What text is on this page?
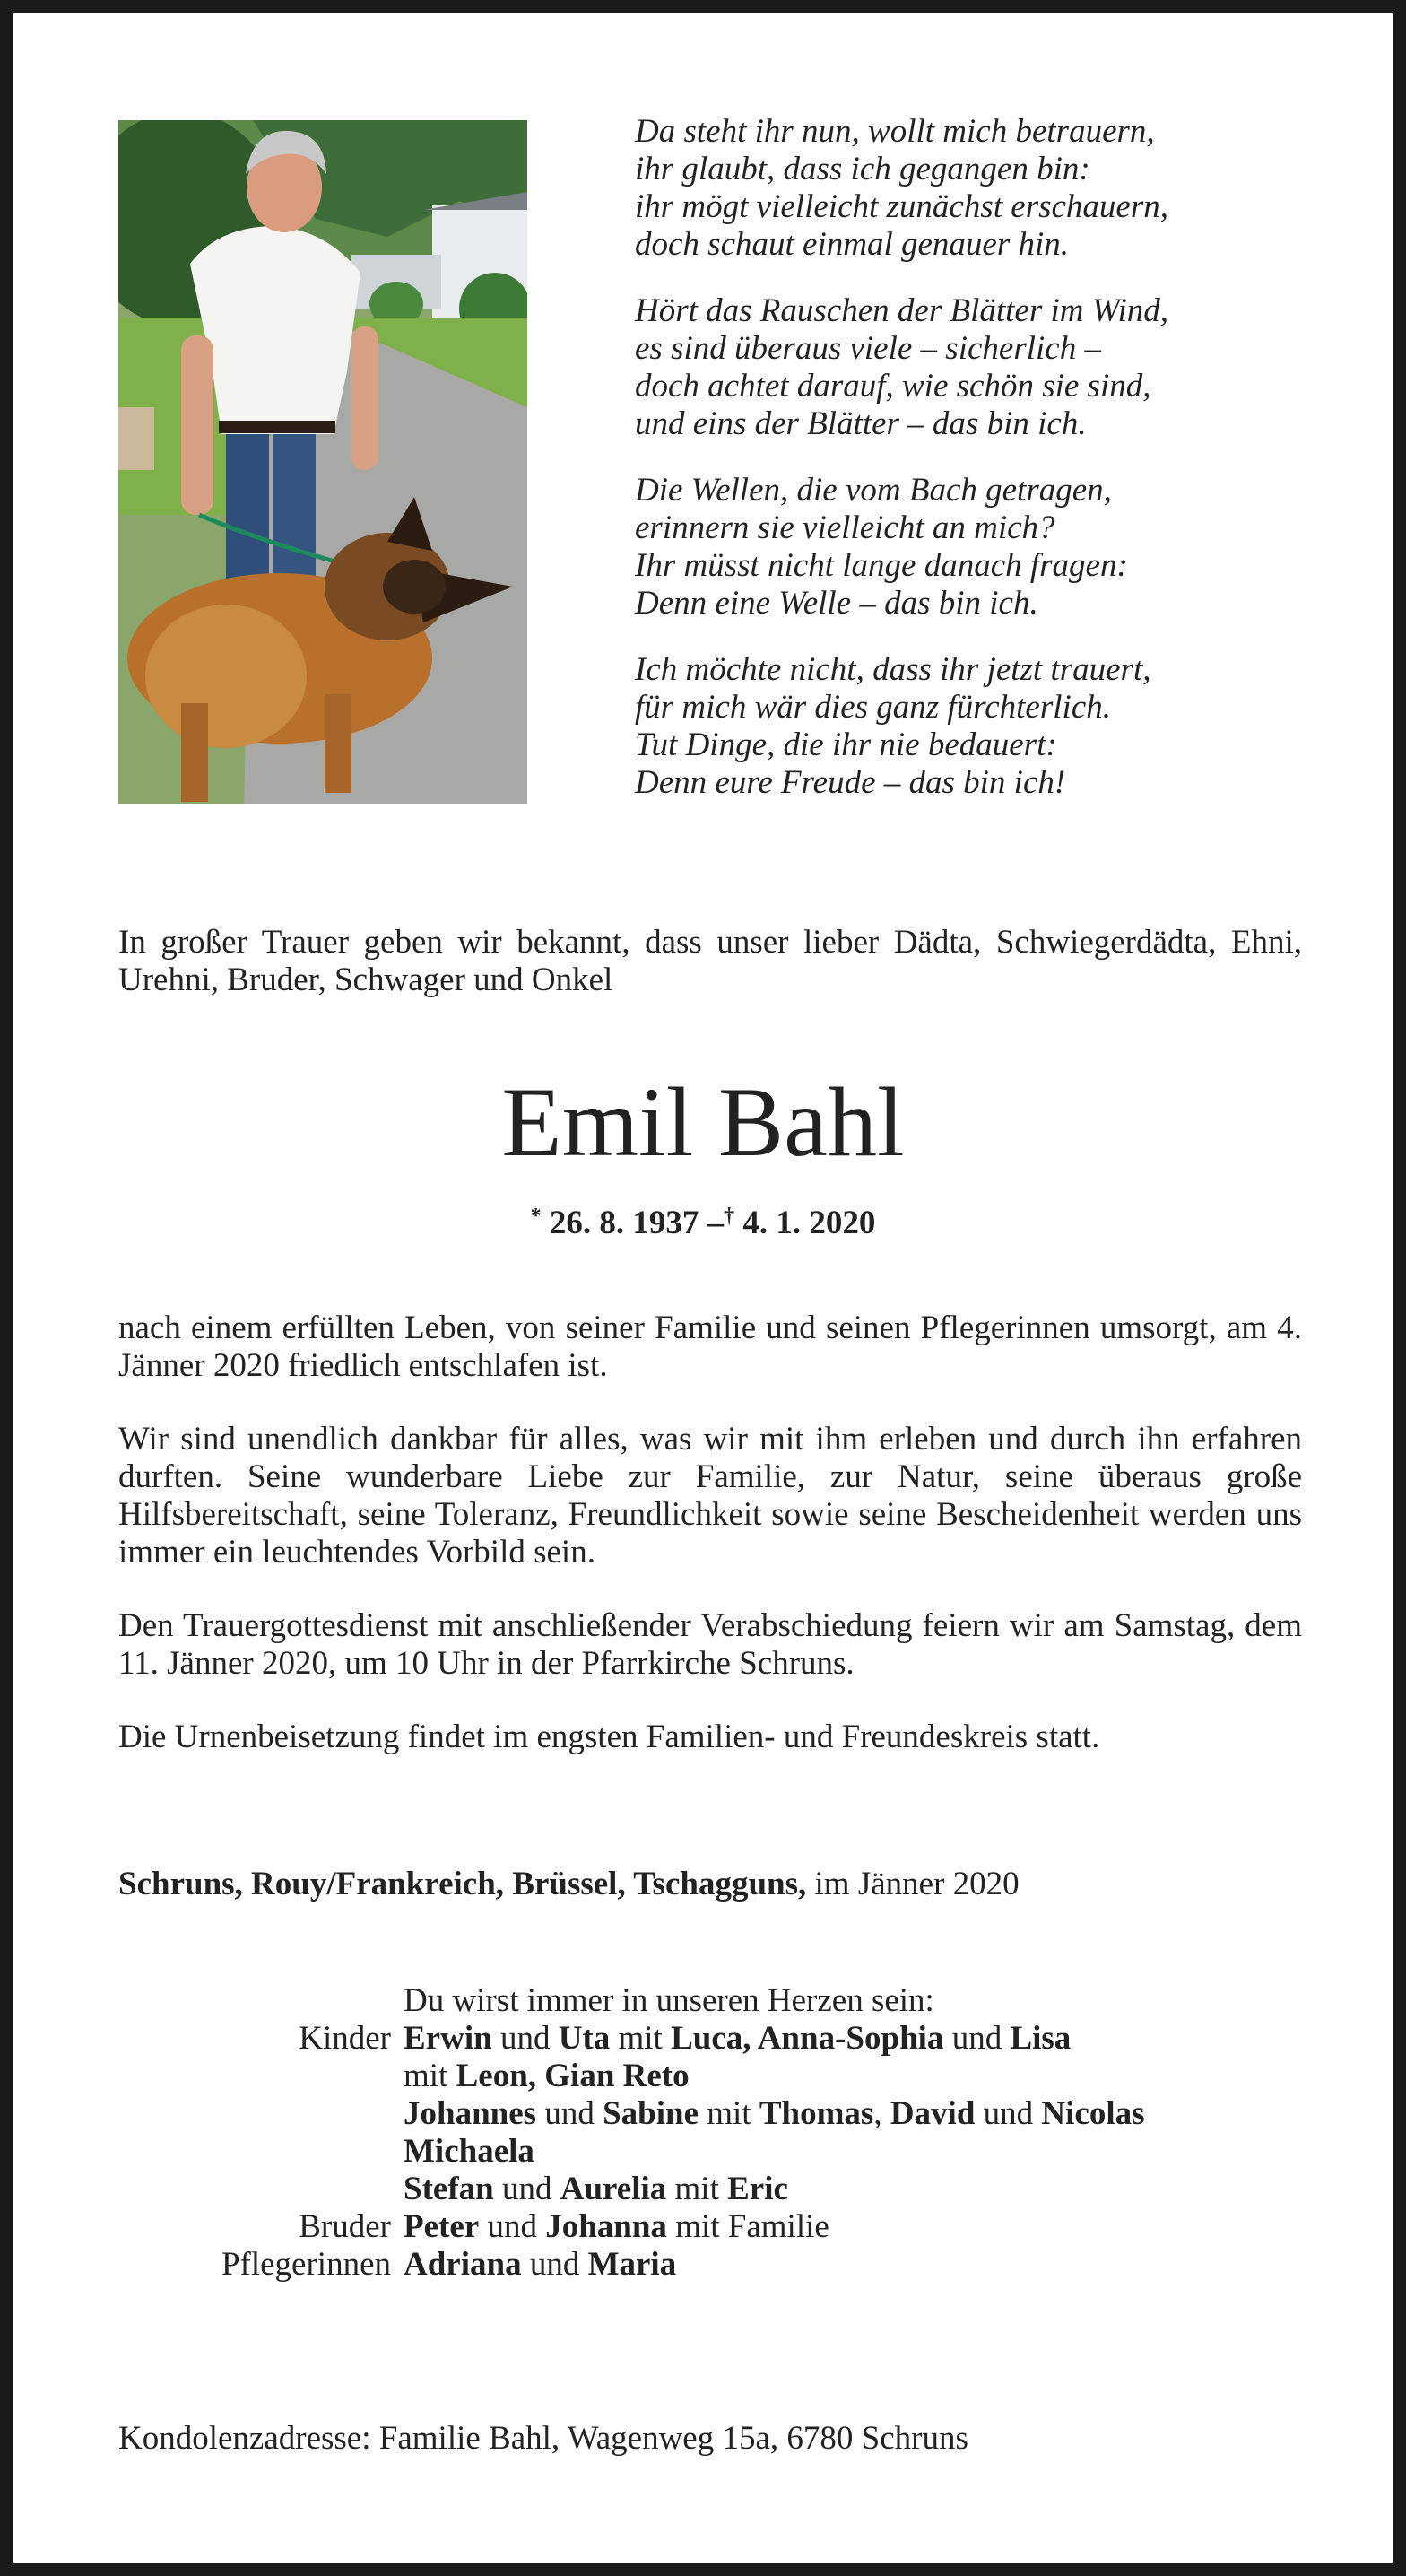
Da steht ihr nun, wollt mich betrauern,
ihr glaubt, dass ich gegangen bin:
ihr mögt vielleicht zunächst erschauern,
doch schaut einmal genauer hin.
Hört das Rauschen der Blätter im Wind,
es sind überaus viele – sicherlich –
doch achtet darauf, wie schön sie sind,
und eins der Blätter – das bin ich.
Die Wellen, die vom Bach getragen,
erinnern sie vielleicht an mich?
Ihr müsst nicht lange danach fragen:
Denn eine Welle – das bin ich.
Ich möchte nicht, dass ihr jetzt trauert,
für mich wär dies ganz fürchterlich.
Tut Dinge, die ihr nie bedauert:
Denn eure Freude – das bin ich!

In großer Trauer geben wir bekannt, dass unser lieber Dädta, Schwiegerdädta, Ehni, Urehni, Bruder, Schwager und Onkel

Emil Bahl
* 26. 8. 1937 –† 4. 1. 2020

nach einem erfüllten Leben, von seiner Familie und seinen Pflegerinnen umsorgt, am 4. Jänner 2020 friedlich entschlafen ist.

Wir sind unendlich dankbar für alles, was wir mit ihm erleben und durch ihn erfahren durften. Seine wunderbare Liebe zur Familie, zur Natur, seine überaus große Hilfsbereitschaft, seine Toleranz, Freundlichkeit sowie seine Bescheidenheit werden uns immer ein leuchtendes Vorbild sein.

Den Trauergottesdienst mit anschließender Verabschiedung feiern wir am Samstag, dem 11. Jänner 2020, um 10 Uhr in der Pfarrkirche Schruns.

Die Urnenbeisetzung findet im engsten Familien- und Freundeskreis statt.

Schruns, Rouy/Frankreich, Brüssel, Tschagguns, im Jänner 2020
Du wirst immer in unseren Herzen sein:
Kinder Erwin und Uta mit Luca, Anna-Sophia und Lisa
mit Leon, Gian Reto
Johannes und Sabine mit Thomas, David und Nicolas
Michaela
Stefan und Aurelia mit Eric
Bruder Peter und Johanna mit Familie
Pflegerinnen Adriana und Maria
Kondolenzadresse: Familie Bahl, Wagenweg 15a, 6780 Schruns
